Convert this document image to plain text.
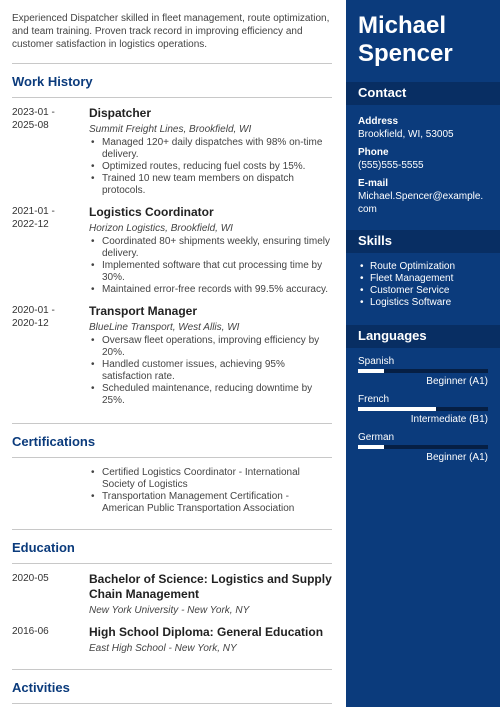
Experienced Dispatcher skilled in fleet management, route optimization, and team training. Proven track record in improving efficiency and customer satisfaction in logistics operations.

Work History
2023-01 -
2025-08
Dispatcher
Summit Freight Lines, Brookfield, WI
• Managed 120+ daily dispatches with 98% on-time delivery.
• Optimized routes, reducing fuel costs by 15%.
• Trained 10 new team members on dispatch protocols.
2021-01 -
2022-12
Logistics Coordinator
Horizon Logistics, Brookfield, WI
• Coordinated 80+ shipments weekly, ensuring timely delivery.
• Implemented software that cut processing time by 30%.
• Maintained error-free records with 99.5% accuracy.
2020-01 -
2020-12
Transport Manager
BlueLine Transport, West Allis, WI
• Oversaw fleet operations, improving efficiency by 20%.
• Handled customer issues, achieving 95% satisfaction rate.
• Scheduled maintenance, reducing downtime by 25%.
Certifications
• Certified Logistics Coordinator - International Society of Logistics
• Transportation Management Certification - American Public Transportation Association
Education
2020-05	Bachelor of Science: Logistics and Supply Chain Management
New York University - New York, NY
2016-06	High School Diploma: General Education
East High School - New York, NY
Activities
Michael
Spencer
Contact
Address
Brookfield, WI, 53005
Phone
(555)555-5555
E-mail
Michael.Spencer@example.
com
Skills
• Route Optimization
• Fleet Management
• Customer Service
• Logistics Software
Languages
Spanish
Beginner (A1)
French
Intermediate (B1)
German
Beginner (A1)
